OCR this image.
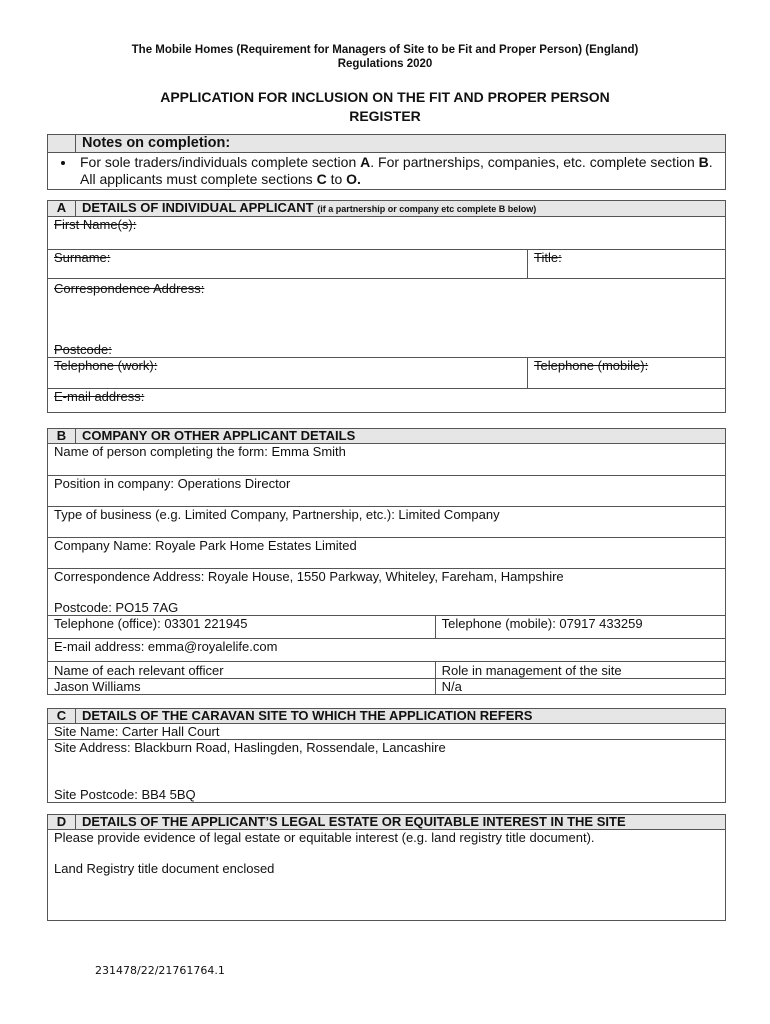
The Mobile Homes (Requirement for Managers of Site to be Fit and Proper Person) (England)
Regulations 2020
APPLICATION FOR INCLUSION ON THE FIT AND PROPER PERSON
REGISTER
	Notes on completion:

• For sole traders/individuals complete section A. For partnerships, companies, etc. complete section B. All applicants must complete sections C to O.
A	DETAILS OF INDIVIDUAL APPLICANT (if a partnership or company etc complete B below)	
First Name(s):		
Surname:		Title:

Correspondence Address:
Postcode:		

Telephone (work):		Telephone (mobile):
E-mail address:		
B	COMPANY OR OTHER APPLICANT DETAILS	
Name of person completing the form: Emma Smith		
Position in company: Operations Director		
Type of business (e.g. Limited Company, Partnership, etc.): Limited Company		
Company Name: Royale Park Home Estates Limited		

Correspondence Address: Royale House, 1550 Parkway, Whiteley, Fareham, Hampshire
Postcode: PO15 7AG		

Telephone (office): 03301 221945		Telephone (mobile): 07917 433259
E-mail address: emma@royalelife.com		
Name of each relevant officer		Role in management of the site
Jason Williams		N/a
C	DETAILS OF THE CARAVAN SITE TO WHICH THE APPLICATION REFERS
Site Name: Carter Hall Court

Site Address: Blackburn Road, Haslingden, Rossendale, Lancashire
Site Postcode: BB4 5BQ
D	DETAILS OF THE APPLICANT’S LEGAL ESTATE OR EQUITABLE INTEREST IN THE SITE

Please provide evidence of legal estate or equitable interest (e.g. land registry title document).
Land Registry title document enclosed
231478/22/21761764.1
